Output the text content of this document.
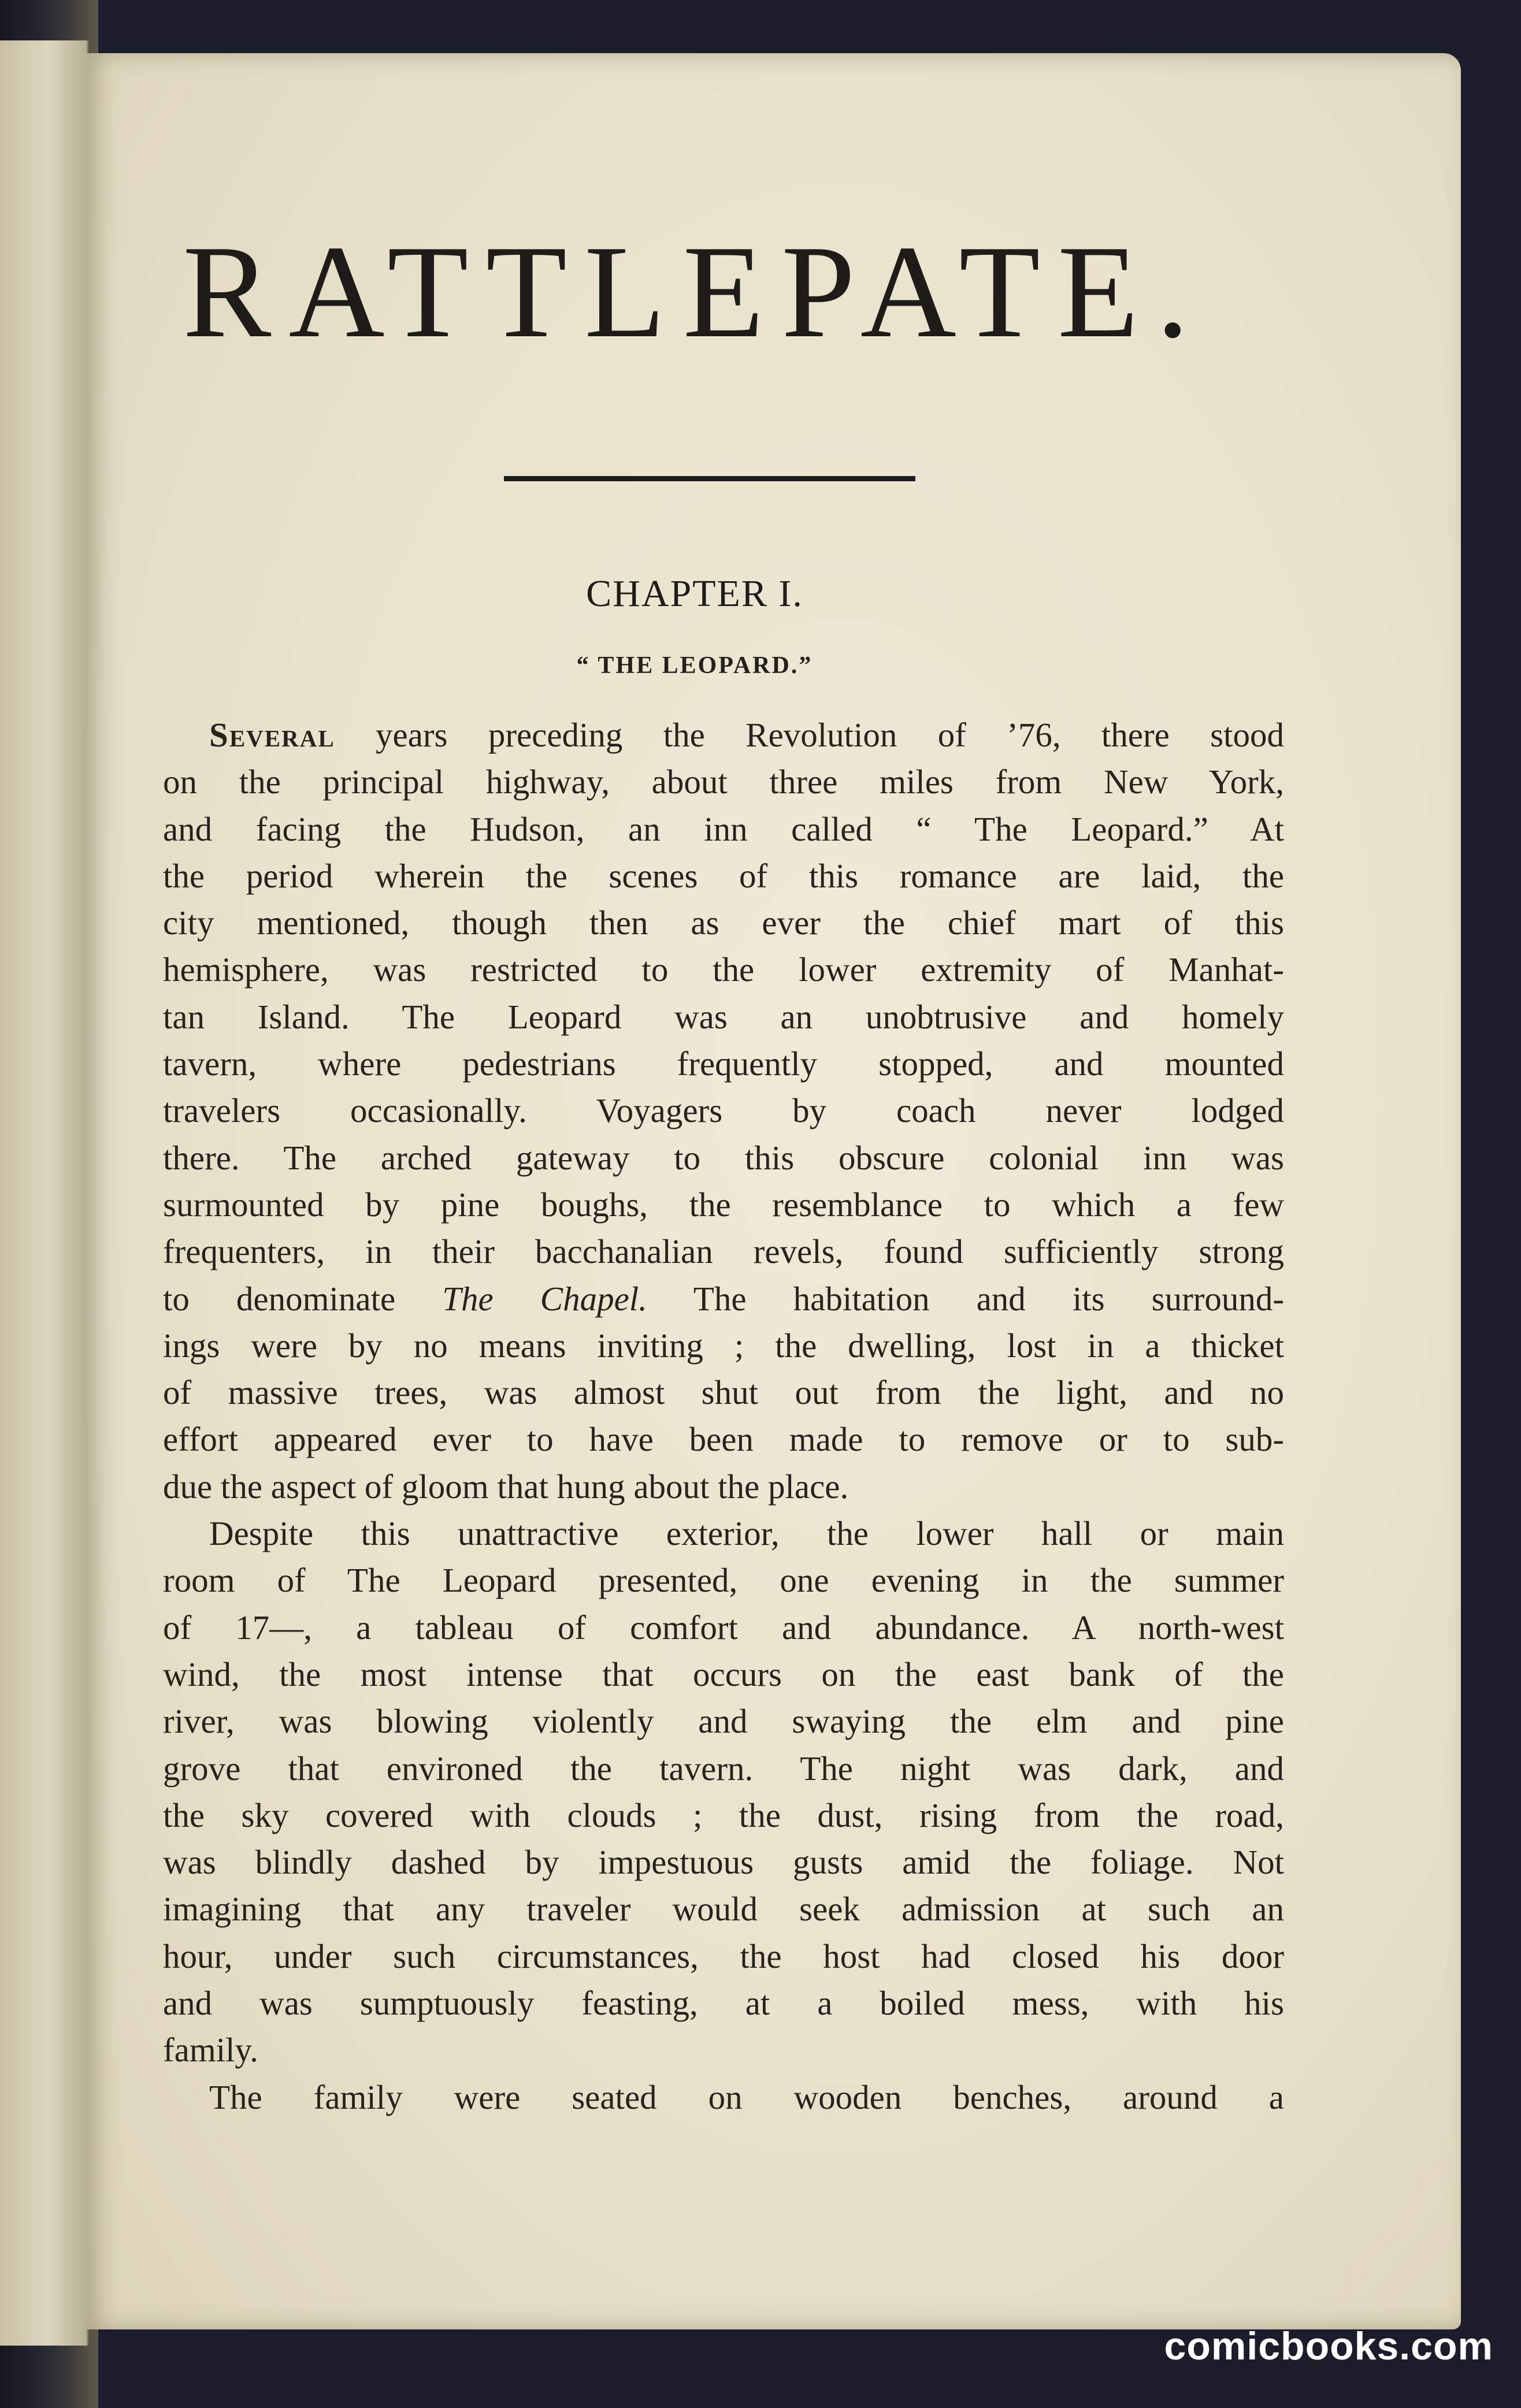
RATTLEPATE.
CHAPTER I.
“ THE LEOPARD.”
Several years preceding the Revolution of ’76, there stood
on the principal highway, about three miles from New York,
and facing the Hudson, an inn called “ The Leopard.” At
the period wherein the scenes of this romance are laid, the
city mentioned, though then as ever the chief mart of this
hemisphere, was restricted to the lower extremity of Manhat-
tan Island. The Leopard was an unobtrusive and homely
tavern, where pedestrians frequently stopped, and mounted
travelers occasionally. Voyagers by coach never lodged
there. The arched gateway to this obscure colonial inn was
surmounted by pine boughs, the resemblance to which a few
frequenters, in their bacchanalian revels, found sufficiently strong
to denominate The Chapel. The habitation and its surround-
ings were by no means inviting ; the dwelling, lost in a thicket
of massive trees, was almost shut out from the light, and no
effort appeared ever to have been made to remove or to sub-
due the aspect of gloom that hung about the place.
Despite this unattractive exterior, the lower hall or main
room of The Leopard presented, one evening in the summer
of 17—, a tableau of comfort and abundance. A north-west
wind, the most intense that occurs on the east bank of the
river, was blowing violently and swaying the elm and pine
grove that environed the tavern. The night was dark, and
the sky covered with clouds ; the dust, rising from the road,
was blindly dashed by impestuous gusts amid the foliage. Not
imagining that any traveler would seek admission at such an
hour, under such circumstances, the host had closed his door
and was sumptuously feasting, at a boiled mess, with his
family.
The family were seated on wooden benches, around a
comicbooks.com
